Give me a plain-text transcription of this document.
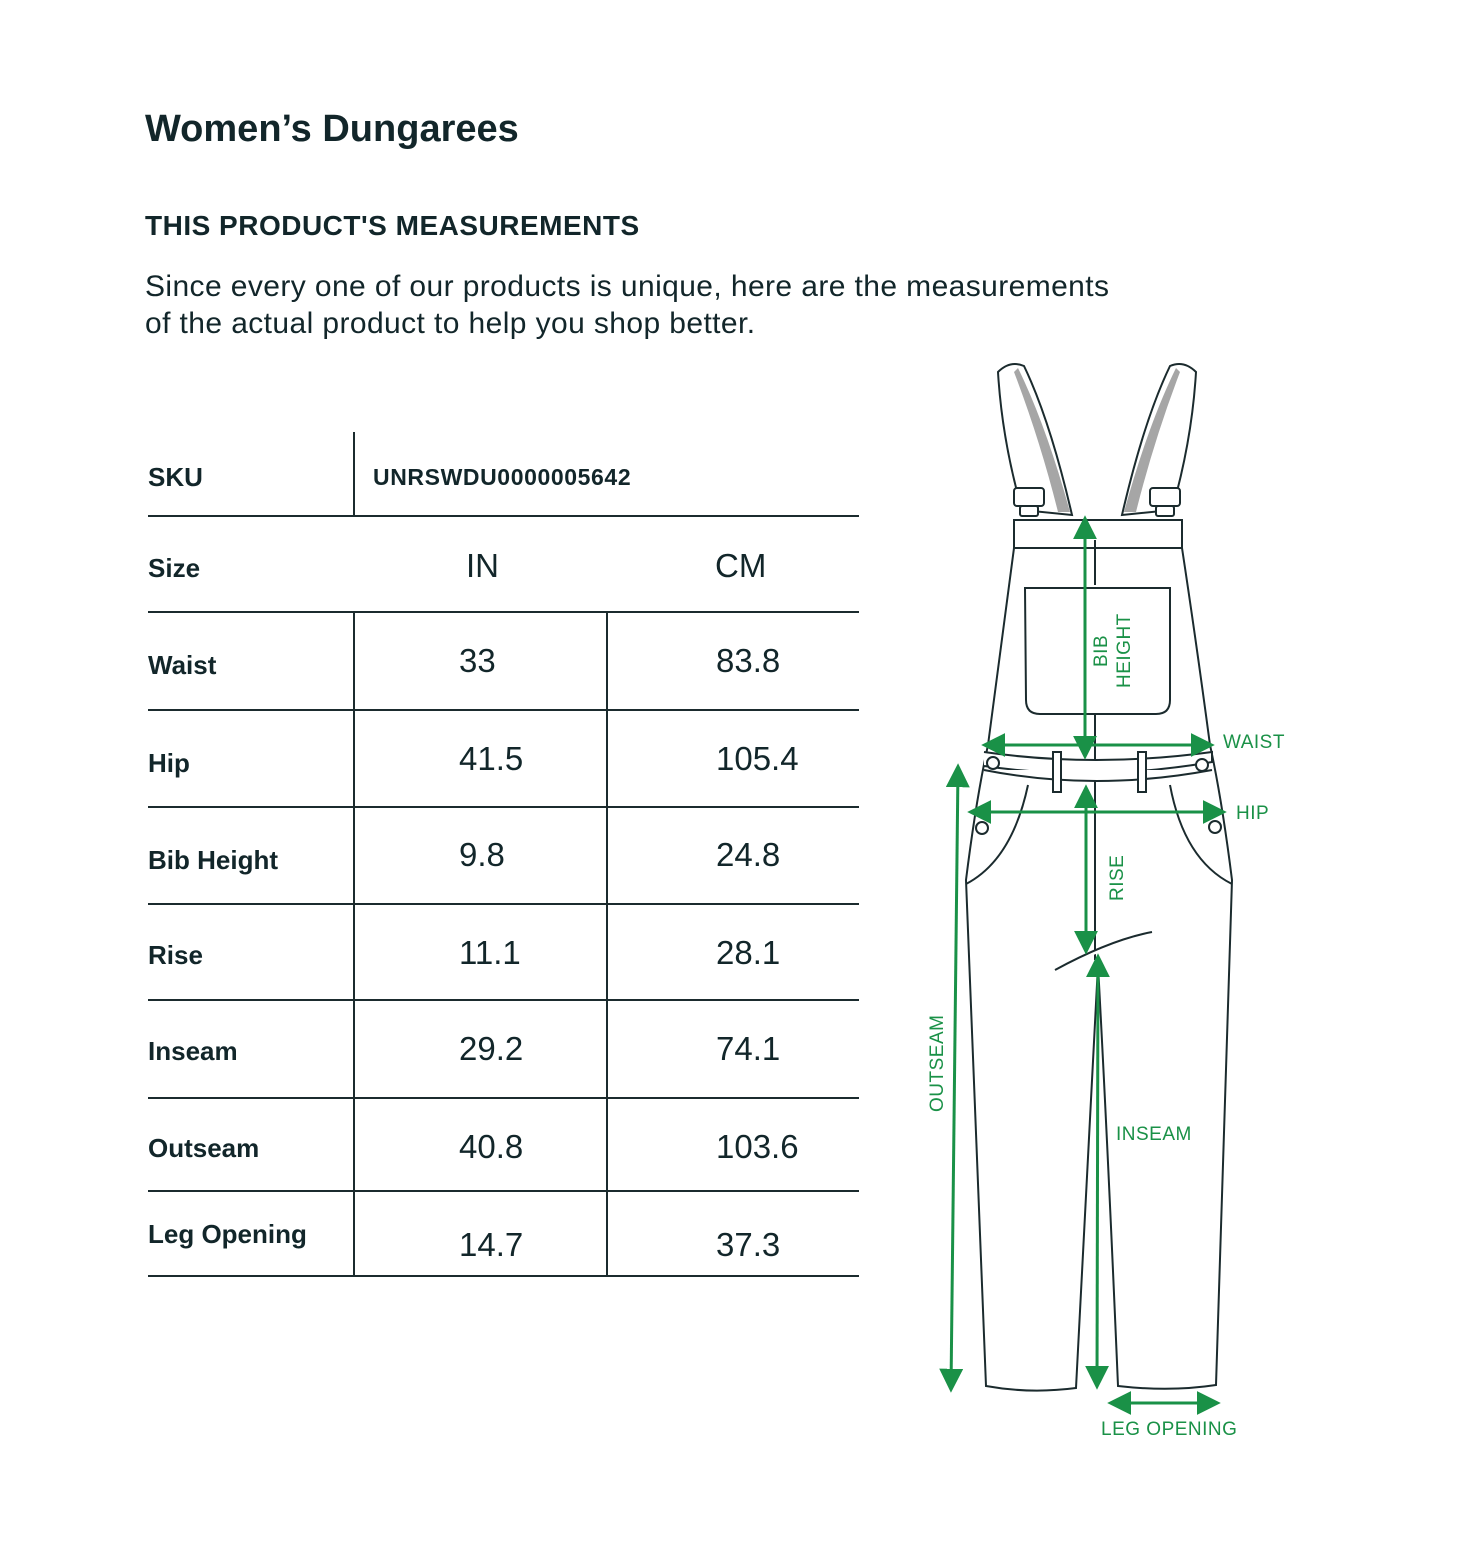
Women’s Dungarees
THIS PRODUCT'S MEASUREMENTS

Since every one of our products is unique, here are the measurements
of the actual product to help you shop better.

SKU	UNRSWDU0000005642
Size	IN	CM
Waist	33	83.8
Hip	41.5	105.4
Bib Height	9.8	24.8
Rise	11.1	28.1
Inseam	29.2	74.1
Outseam	40.8	103.6
Leg Opening	14.7	37.3
BIB HEIGHT
WAIST
HIP
RISE
OUTSEAM
INSEAM
LEG OPENING
